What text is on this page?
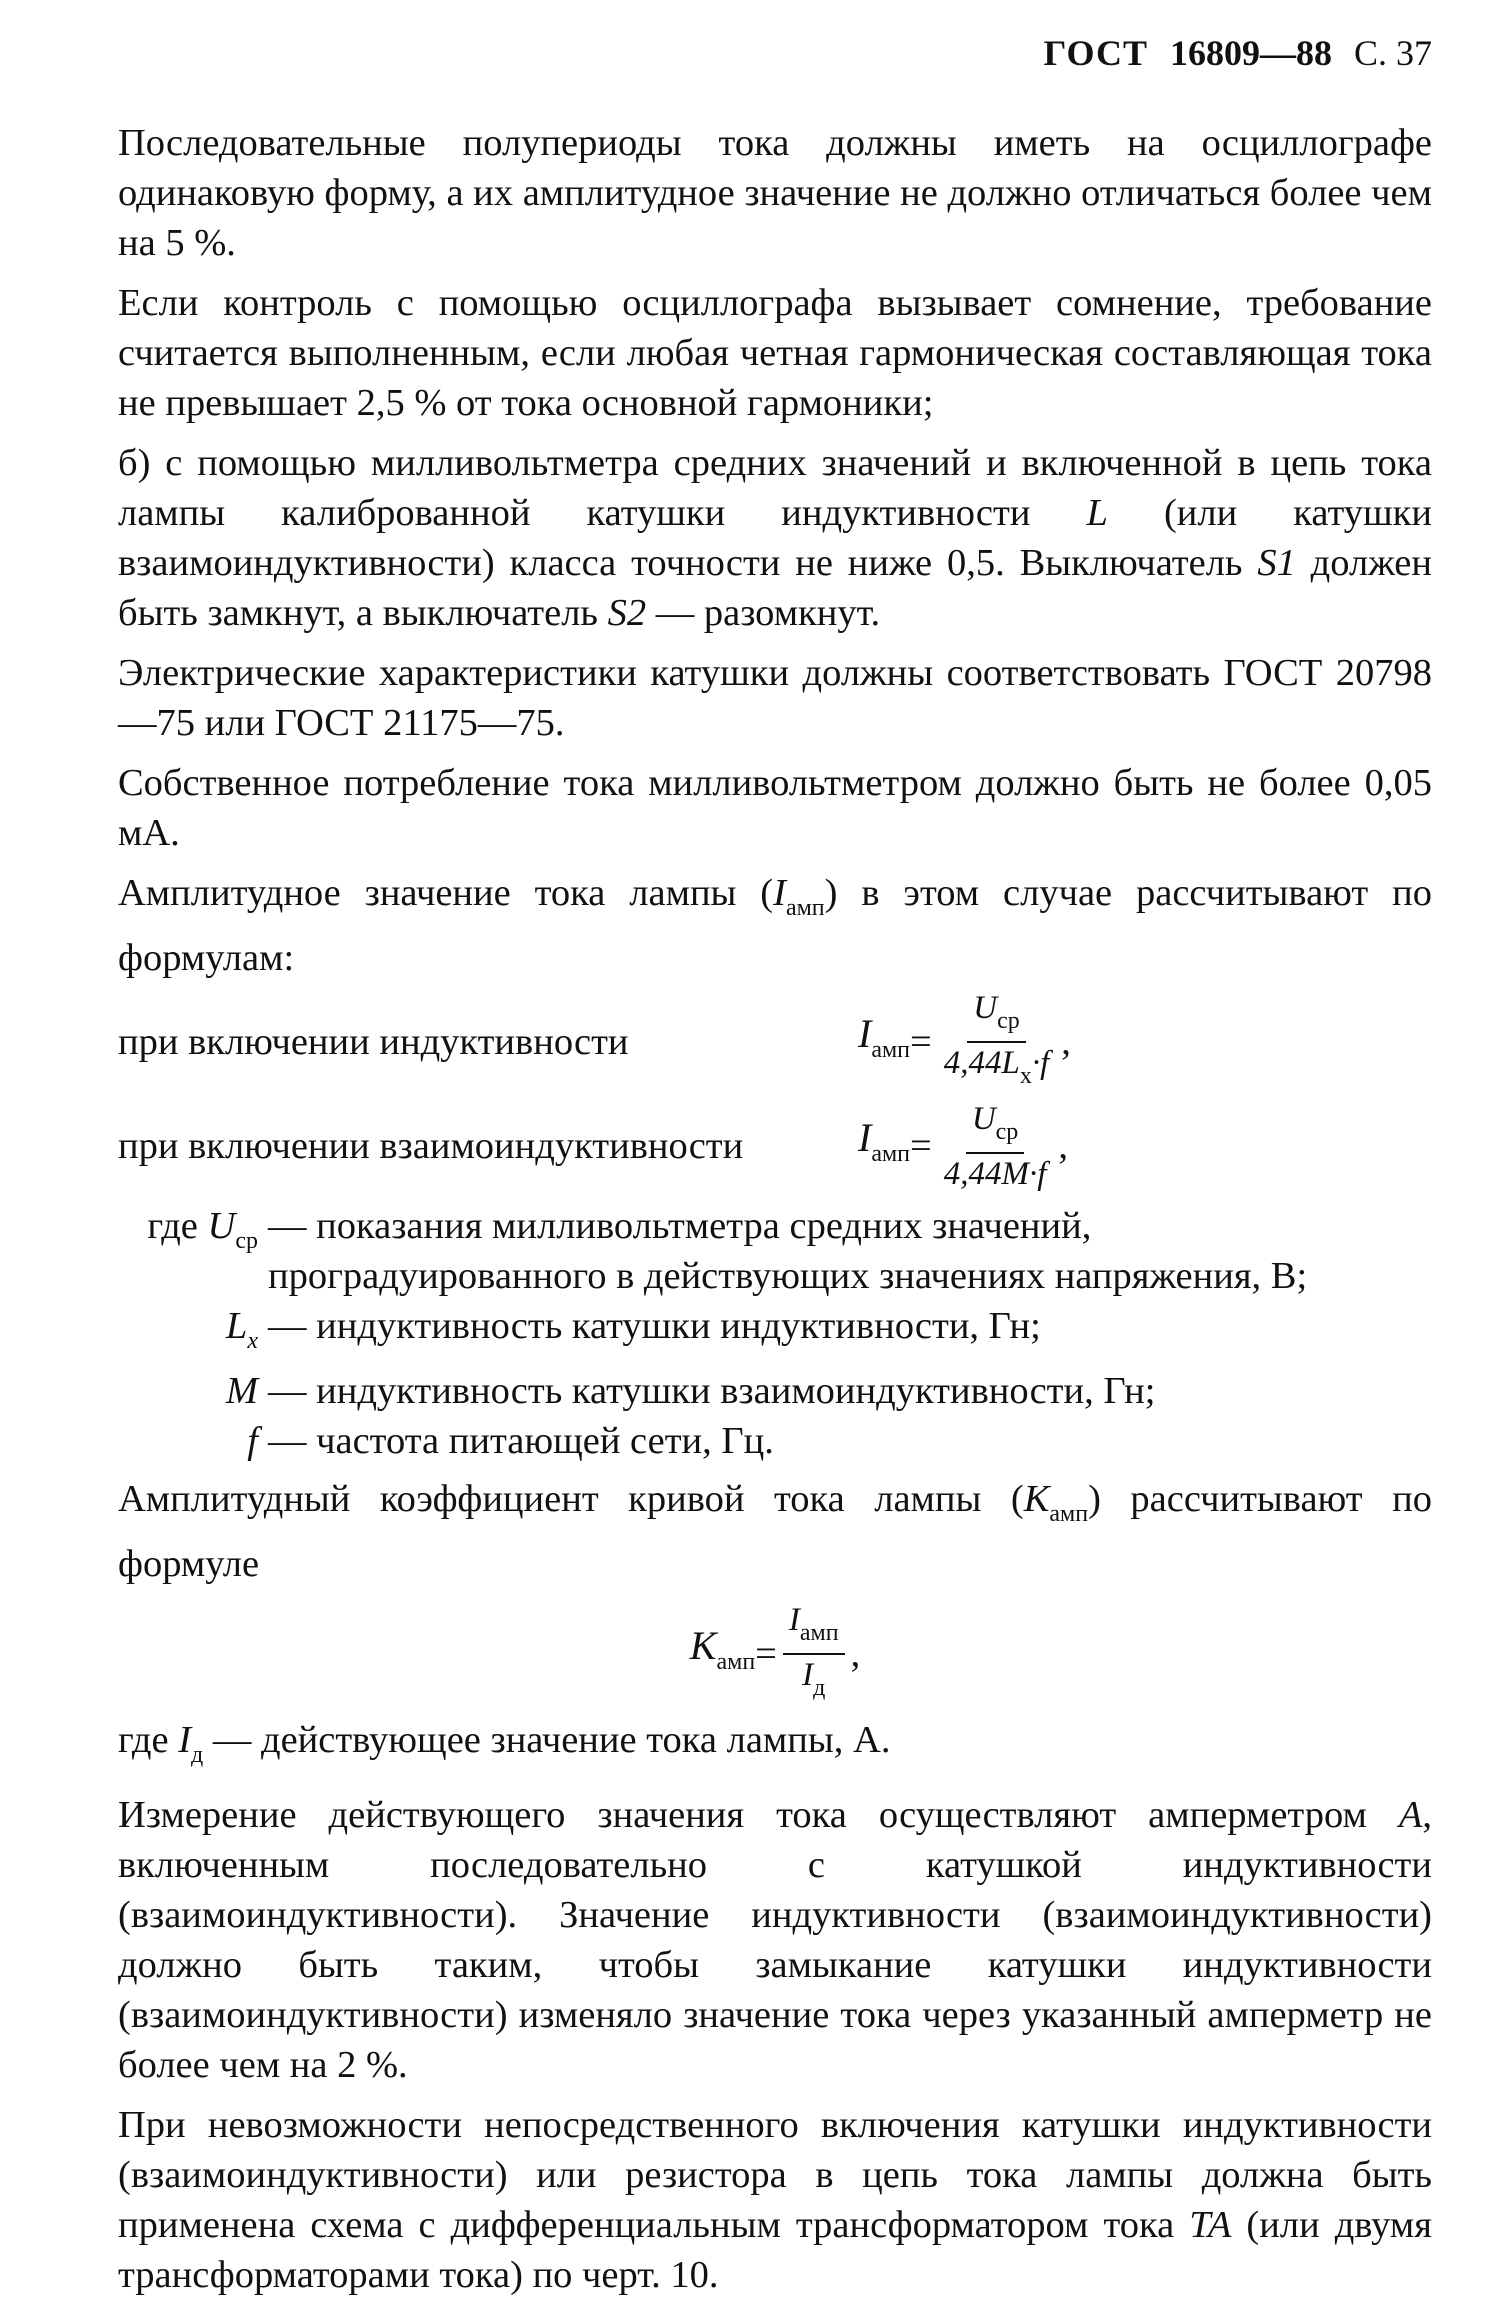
ГОСТ 16809—88 С. 37

Последовательные полупериоды тока должны иметь на осциллографе одинаковую форму, а их амплитудное значение не должно отличаться более чем на 5 %.

Если контроль с помощью осциллографа вызывает сомнение, требование считается выполненным, если любая четная гармоническая составляющая тока не превышает 2,5 % от тока основной гармоники;

б) с помощью милливольтметра средних значений и включенной в цепь тока лампы калиброванной катушки индуктивности L (или катушки взаимоиндуктивности) класса точности не ниже 0,5. Выключатель S1 должен быть замкнут, а выключатель S2 — разомкнут.

Электрические характеристики катушки должны соответствовать ГОСТ 20798—75 или ГОСТ 21175—75.

Собственное потребление тока милливольтметром должно быть не более 0,05 мА.

Амплитудное значение тока лампы $(I_{амп})$ в этом случае рассчитывают по формулам:

при включении индуктивности	$I_{амп} = \frac{U_{ср}}{4,44L_x\cdot f}$ ,
при включении взаимоиндуктивности	$I_{амп} = \frac{U_{ср}}{4,44M\cdot f}$ ,
где $U_{ср}$ — показания милливольтметра средних значений, проградуированного в действующих значениях напряжения, В;
$L_x$ — индуктивность катушки индуктивности, Гн;
M — индуктивность катушки взаимоиндуктивности, Гн;
f — частота питающей сети, Гц.

Амплитудный коэффициент кривой тока лампы $(K_{амп})$ рассчитывают по формуле

$K_{амп} = \frac{I_{амп}}{I_д}$ ,

где $I_д$ — действующее значение тока лампы, А.

Измерение действующего значения тока осуществляют амперметром A, включенным последовательно с катушкой индуктивности (взаимоиндуктивности). Значение индуктивности (взаимоиндуктивности) должно быть таким, чтобы замыкание катушки индуктивности (взаимоиндуктивности) изменяло значение тока через указанный амперметр не более чем на 2 %.

При невозможности непосредственного включения катушки индуктивности (взаимоиндуктивности) или резистора в цепь тока лампы должна быть применена схема с дифференциальным трансформатором тока TA (или двумя трансформаторами тока) по черт. 10.
